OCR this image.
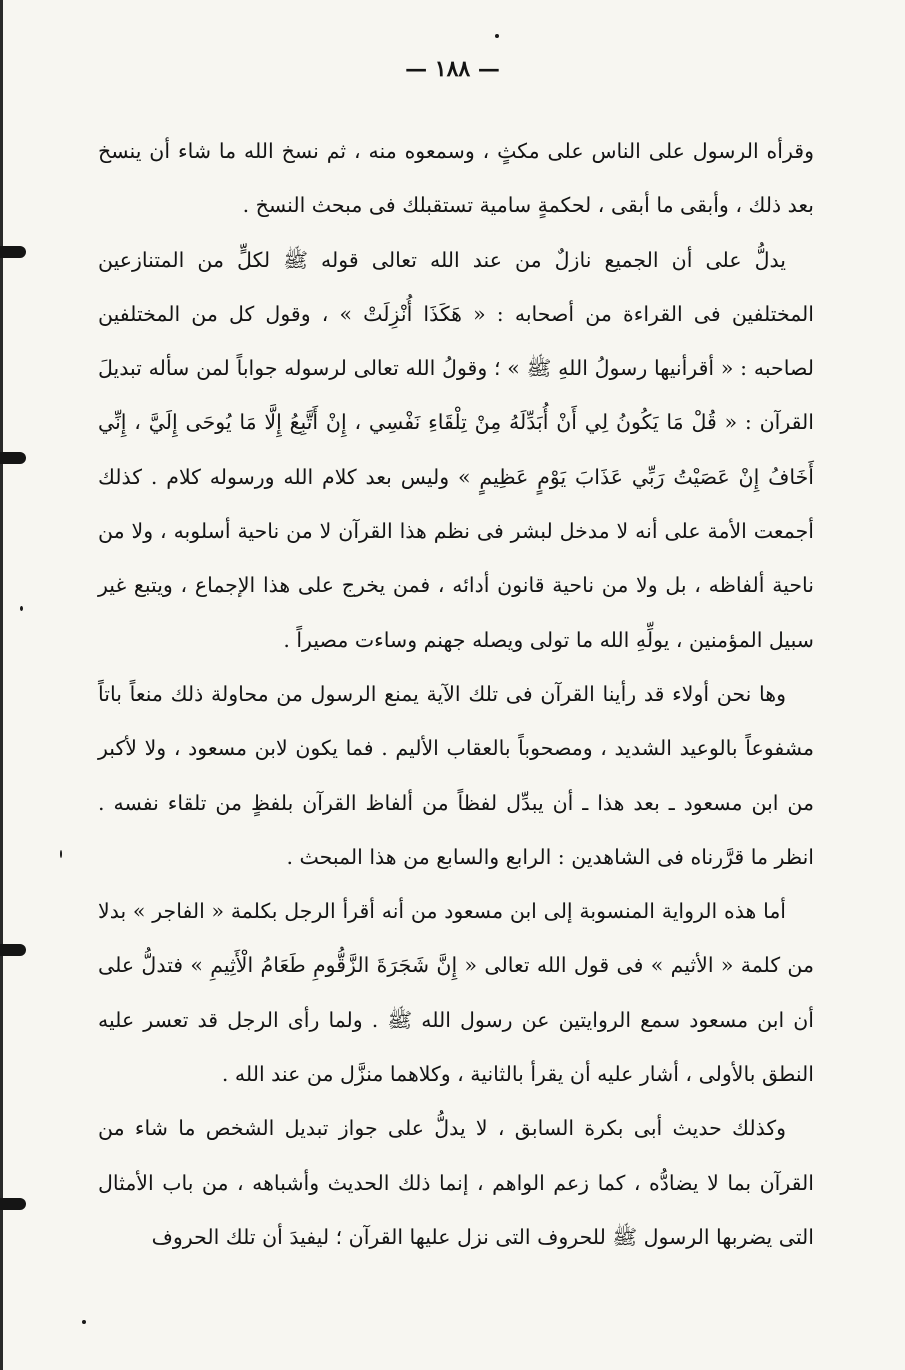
— ١٨٨ —

وقرأه الرسول على الناس على مكثٍ ، وسمعوه منه ، ثم نسخ الله ما شاء أن ينسخ بعد ذلك ، وأبقى ما أبقى ، لحكمةٍ سامية تستقبلك فى مبحث النسخ .

يدلُّ على أن الجميع نازلٌ من عند الله تعالى قوله ﷺ لكلٍّ من المتنازعين المختلفين فى القراءة من أصحابه : « هَكَذَا أُنْزِلَتْ » ، وقول كل من المختلفين لصاحبه : « أقرأنيها رسولُ اللهِ ﷺ » ؛ وقولُ الله تعالى لرسوله جواباً لمن سأله تبديلَ القرآن : « قُلْ مَا يَكُونُ لِي أَنْ أُبَدِّلَهُ مِنْ تِلْقَاءِ نَفْسِي ، إِنْ أَتَّبِعُ إِلَّا مَا يُوحَى إِلَيَّ ، إِنِّي أَخَافُ إِنْ عَصَيْتُ رَبِّي عَذَابَ يَوْمٍ عَظِيمٍ » وليس بعد كلام الله ورسوله كلام . كذلك أجمعت الأمة على أنه لا مدخل لبشر فى نظم هذا القرآن لا من ناحية أسلوبه ، ولا من ناحية ألفاظه ، بل ولا من ناحية قانون أدائه ، فمن يخرج على هذا الإجماع ، ويتبع غير سبيل المؤمنين ، يولِّهِ الله ما تولى ويصله جهنم وساءت مصيراً .

وها نحن أولاء قد رأينا القرآن فى تلك الآية يمنع الرسول من محاولة ذلك منعاً باتاً مشفوعاً بالوعيد الشديد ، ومصحوباً بالعقاب الأليم . فما يكون لابن مسعود ، ولا لأكبر من ابن مسعود ـ بعد هذا ـ أن يبدِّل لفظاً من ألفاظ القرآن بلفظٍ من تلقاء نفسه . انظر ما قرَّرناه فى الشاهدين : الرابع والسابع من هذا المبحث .

أما هذه الرواية المنسوبة إلى ابن مسعود من أنه أقرأ الرجل بكلمة « الفاجر » بدلا من كلمة « الأثيم » فى قول الله تعالى « إِنَّ شَجَرَةَ الزَّقُّومِ طَعَامُ الْأَثِيمِ » فتدلُّ على أن ابن مسعود سمع الروايتين عن رسول الله ﷺ . ولما رأى الرجل قد تعسر عليه النطق بالأولى ، أشار عليه أن يقرأ بالثانية ، وكلاهما منزَّل من عند الله .

وكذلك حديث أبى بكرة السابق ، لا يدلُّ على جواز تبديل الشخص ما شاء من القرآن بما لا يضادُّه ، كما زعم الواهم ، إنما ذلك الحديث وأشباهه ، من باب الأمثال التى يضربها الرسول ﷺ للحروف التى نزل عليها القرآن ؛ ليفيدَ أن تلك الحروف
